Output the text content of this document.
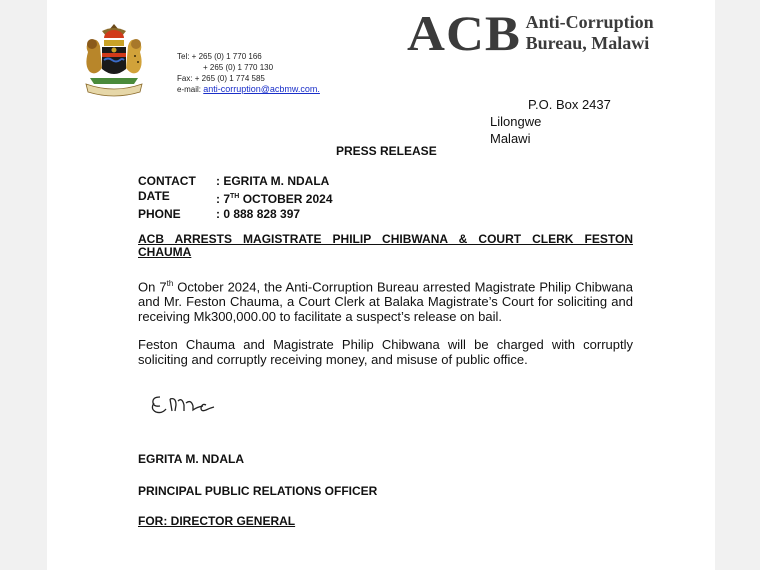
Tel: + 265 (0) 1 770 166
+ 265 (0) 1 770 130
Fax: + 265 (0) 1 774 585
e-mail: anti-corruption@acbmw.com.
ACB Anti-Corruption
Bureau, Malawi
P.O. Box 2437
Lilongwe
Malawi
PRESS RELEASE
CONTACT	: EGRITA M. NDALA
DATE	: 7TH OCTOBER 2024
PHONE	: 0 888 828 397
ACB ARRESTS MAGISTRATE PHILIP CHIBWANA & COURT CLERK FESTON CHAUMA
On 7th October 2024, the Anti-Corruption Bureau arrested Magistrate Philip Chibwana and Mr. Feston Chauma, a Court Clerk at Balaka Magistrate’s Court for soliciting and receiving Mk300,000.00 to facilitate a suspect’s release on bail.
Feston Chauma and Magistrate Philip Chibwana will be charged with corruptly soliciting and corruptly receiving money, and misuse of public office.
EGRITA M. NDALA
PRINCIPAL PUBLIC RELATIONS OFFICER
FOR: DIRECTOR GENERAL
